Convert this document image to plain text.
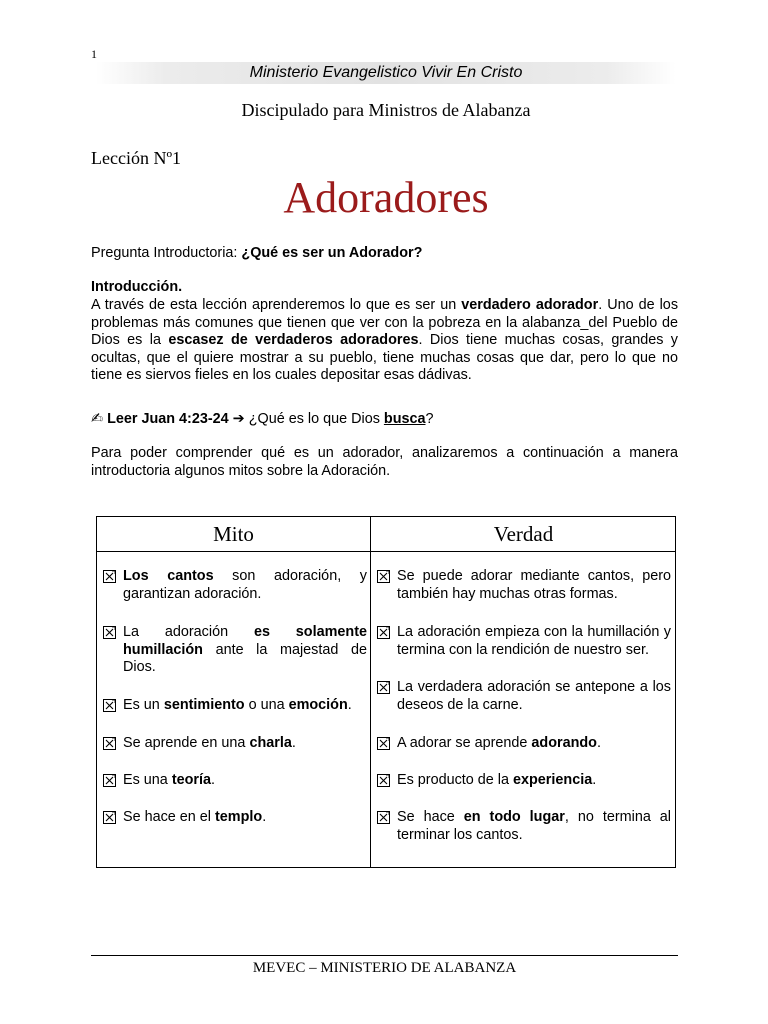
1
Ministerio Evangelistico Vivir En Cristo
Discipulado para Ministros de Alabanza
Lección Nº1
Adoradores
Pregunta Introductoria: ¿Qué es ser un Adorador?
Introducción.
A través de esta lección aprenderemos lo que es ser un verdadero adorador. Uno de los problemas más comunes que tienen que ver con la pobreza en la alabanza_del Pueblo de Dios es la escasez de verdaderos adoradores. Dios tiene muchas cosas, grandes y ocultas, que el quiere mostrar a su pueblo, tiene muchas cosas que dar, pero lo que no tiene es siervos fieles en los cuales depositar esas dádivas.
✍ Leer Juan 4:23-24 ➔ ¿Qué es lo que Dios busca?
Para poder comprender qué es un adorador, analizaremos a continuación a manera introductoria algunos mitos sobre la Adoración.
Mito	Verdad
Los cantos son adoración, y garantizan adoración.
La adoración es solamente humillación ante la majestad de Dios.
Es un sentimiento o una emoción.
Se aprende en una charla.
Es una teoría.
Se hace en el templo.
Se puede adorar mediante cantos, pero también hay muchas otras formas.
La adoración empieza con la humillación y termina con la rendición de nuestro ser.
La verdadera adoración se antepone a los deseos de la carne.
A adorar se aprende adorando.
Es producto de la experiencia.
Se hace en todo lugar, no termina al terminar los cantos.
MEVEC – MINISTERIO DE ALABANZA
